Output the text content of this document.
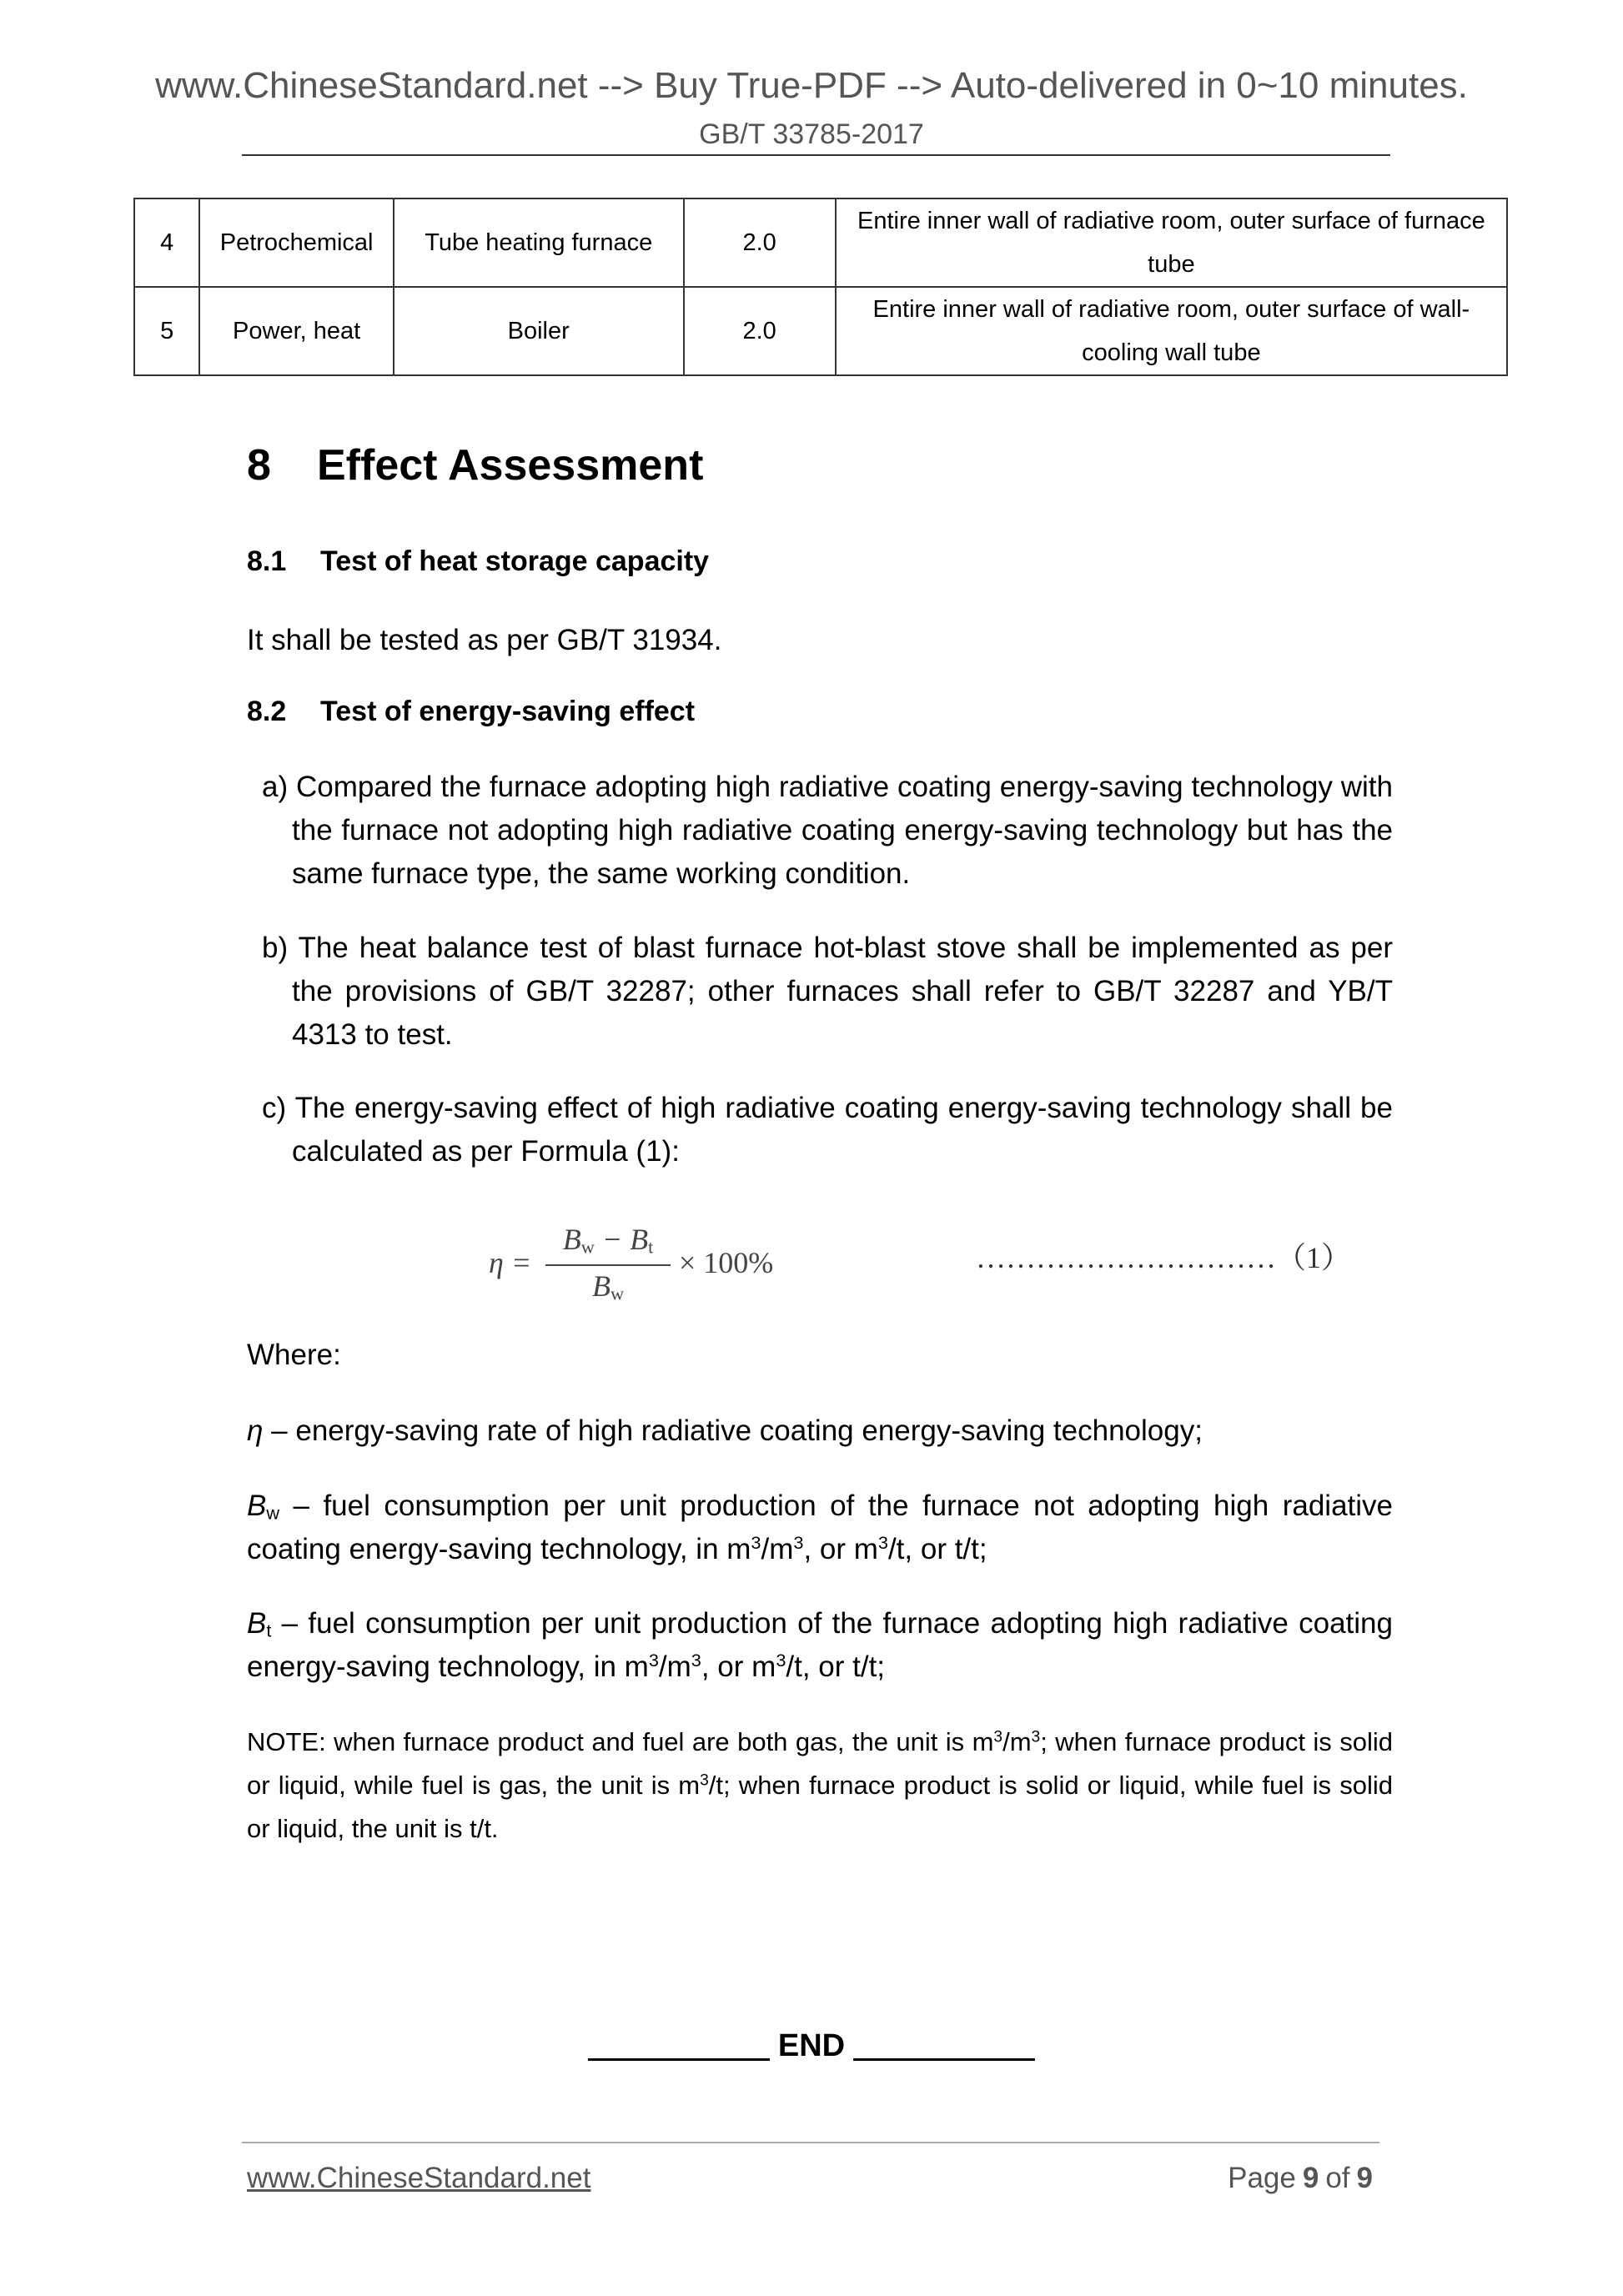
www.ChineseStandard.net --> Buy True-PDF --> Auto-delivered in 0~10 minutes.
GB/T 33785-2017
4	Petrochemical	Tube heating furnace	2.0	Entire inner wall of radiative room, outer surface of furnace
tube

5	Power, heat	Boiler	2.0	Entire inner wall of radiative room, outer surface of wall-
cooling wall tube
8 Effect Assessment
8.1 Test of heat storage capacity
It shall be tested as per GB/T 31934.
8.2 Test of energy-saving effect
a) Compared the furnace adopting high radiative coating energy-saving technology with the furnace not adopting high radiative coating energy-saving technology but has the same furnace type, the same working condition.
b) The heat balance test of blast furnace hot-blast stove shall be implemented as per the provisions of GB/T 32287; other furnaces shall refer to GB/T 32287 and YB/T 4313 to test.
c) The energy-saving effect of high radiative coating energy-saving technology shall be calculated as per Formula (1):
η =
$B_w - B_t$
$B_w$
× 100%	…………………………（1）
Where:
η – energy-saving rate of high radiative coating energy-saving technology;
$B_w$ – fuel consumption per unit production of the furnace not adopting high radiative coating energy-saving technology, in $m^3/m^3$, or $m^3/t$, or t/t;
$B_t$ – fuel consumption per unit production of the furnace adopting high radiative coating energy-saving technology, in $m^3/m^3$, or $m^3/t$, or t/t;
NOTE: when furnace product and fuel are both gas, the unit is $m^3/m^3$; when furnace product is solid or liquid, while fuel is gas, the unit is $m^3/t$; when furnace product is solid or liquid, while fuel is solid or liquid, the unit is t/t.
END
www.ChineseStandard.net	Page 9 of 9
